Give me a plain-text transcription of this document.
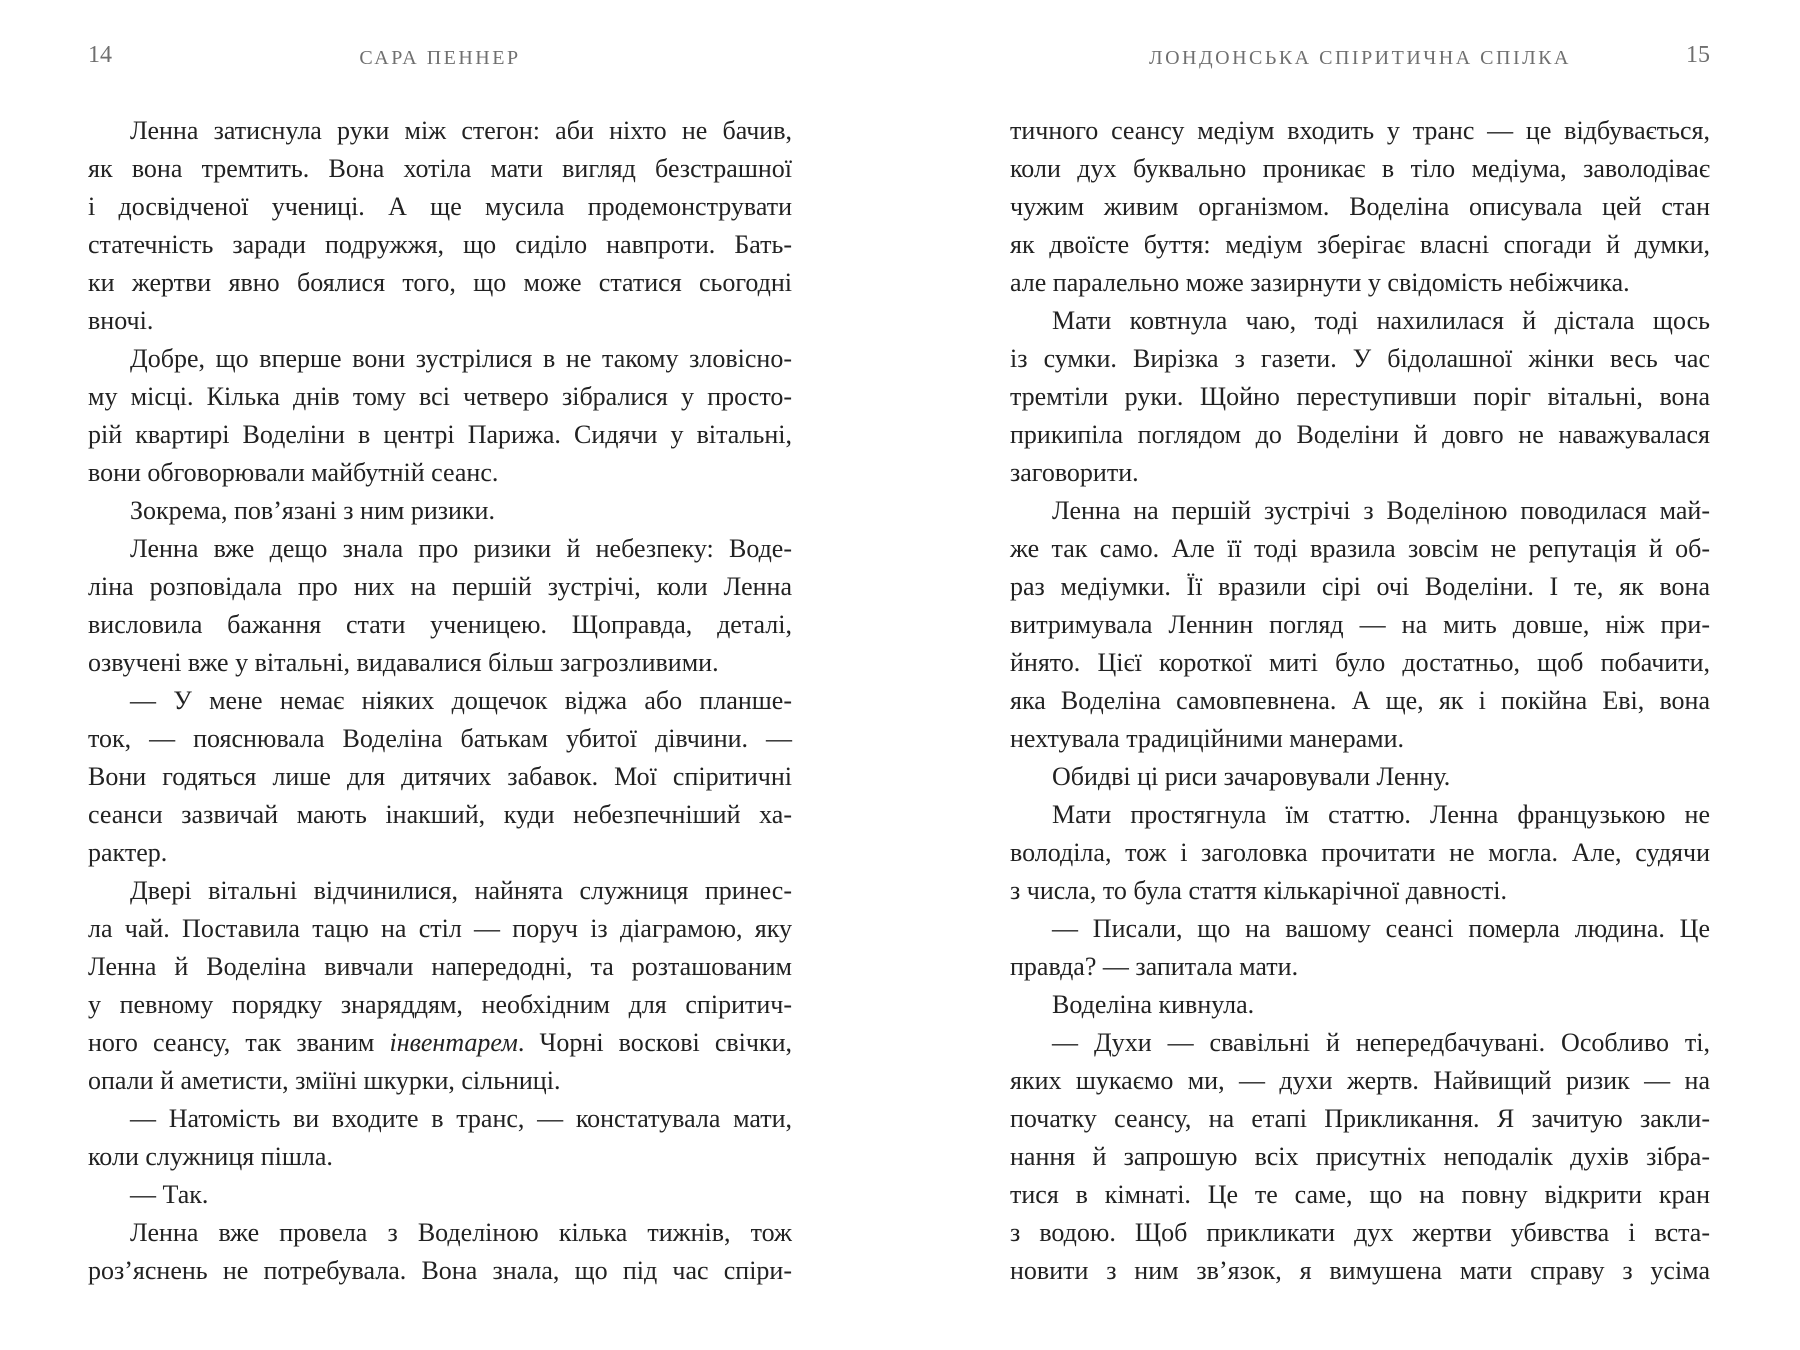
14	САРА ПЕННЕР
Ленна затиснула руки між стегон: аби ніхто не бачив,
як вона тремтить. Вона хотіла мати вигляд безстрашної
і досвідченої учениці. А ще мусила продемонструвати
статечність заради подружжя, що сиділо навпроти. Бать-
ки жертви явно боялися того, що може статися сьогодні
вночі.
Добре, що вперше вони зустрілися в не такому зловісно-
му місці. Кілька днів тому всі четверо зібралися у просто-
рій квартирі Воделіни в центрі Парижа. Сидячи у вітальні,
вони обговорювали майбутній сеанс.
Зокрема, пов’язані з ним ризики.
Ленна вже дещо знала про ризики й небезпеку: Воде-
ліна розповідала про них на першій зустрічі, коли Ленна
висловила бажання стати ученицею. Щоправда, деталі,
озвучені вже у вітальні, видавалися більш загрозливими.
— У мене немає ніяких дощечок віджа або планше-
ток, — пояснювала Воделіна батькам убитої дівчини. —
Вони годяться лише для дитячих забавок. Мої спіритичні
сеанси зазвичай мають інакший, куди небезпечніший ха-
рактер.
Двері вітальні відчинилися, найнята служниця принес-
ла чай. Поставила тацю на стіл — поруч із діаграмою, яку
Ленна й Воделіна вивчали напередодні, та розташованим
у певному порядку знаряддям, необхідним для спіритич-
ного сеансу, так званим інвентарем. Чорні воскові свічки,
опали й аметисти, зміїні шкурки, сільниці.
— Натомість ви входите в транс, — констатувала мати,
коли служниця пішла.
— Так.
Ленна вже провела з Воделіною кілька тижнів, тож
роз’яснень не потребувала. Вона знала, що під час спіри-
ЛОНДОНСЬКА СПІРИТИЧНА СПІЛКА	15
тичного сеансу медіум входить у транс — це відбувається,
коли дух буквально проникає в тіло медіума, заволодіває
чужим живим організмом. Воделіна описувала цей стан
як двоїсте буття: медіум зберігає власні спогади й думки,
але паралельно може зазирнути у свідомість небіжчика.
Мати ковтнула чаю, тоді нахилилася й дістала щось
із сумки. Вирізка з газети. У бідолашної жінки весь час
тремтіли руки. Щойно переступивши поріг вітальні, вона
прикипіла поглядом до Воделіни й довго не наважувалася
заговорити.
Ленна на першій зустрічі з Воделіною поводилася май-
же так само. Але її тоді вразила зовсім не репутація й об-
раз медіумки. Її вразили сірі очі Воделіни. І те, як вона
витримувала Леннин погляд — на мить довше, ніж при-
йнято. Цієї короткої миті було достатньо, щоб побачити,
яка Воделіна самовпевнена. А ще, як і покійна Еві, вона
нехтувала традиційними манерами.
Обидві ці риси зачаровували Ленну.
Мати простягнула їм статтю. Ленна французькою не
володіла, тож і заголовка прочитати не могла. Але, судячи
з числа, то була стаття кількарічної давності.
— Писали, що на вашому сеансі померла людина. Це
правда? — запитала мати.
Воделіна кивнула.
— Духи — свавільні й непередбачувані. Особливо ті,
яких шукаємо ми, — духи жертв. Найвищий ризик — на
початку сеансу, на етапі Прикликання. Я зачитую закли-
нання й запрошую всіх присутніх неподалік духів зібра-
тися в кімнаті. Це те саме, що на повну відкрити кран
з водою. Щоб прикликати дух жертви убивства і вста-
новити з ним зв’язок, я вимушена мати справу з усіма
